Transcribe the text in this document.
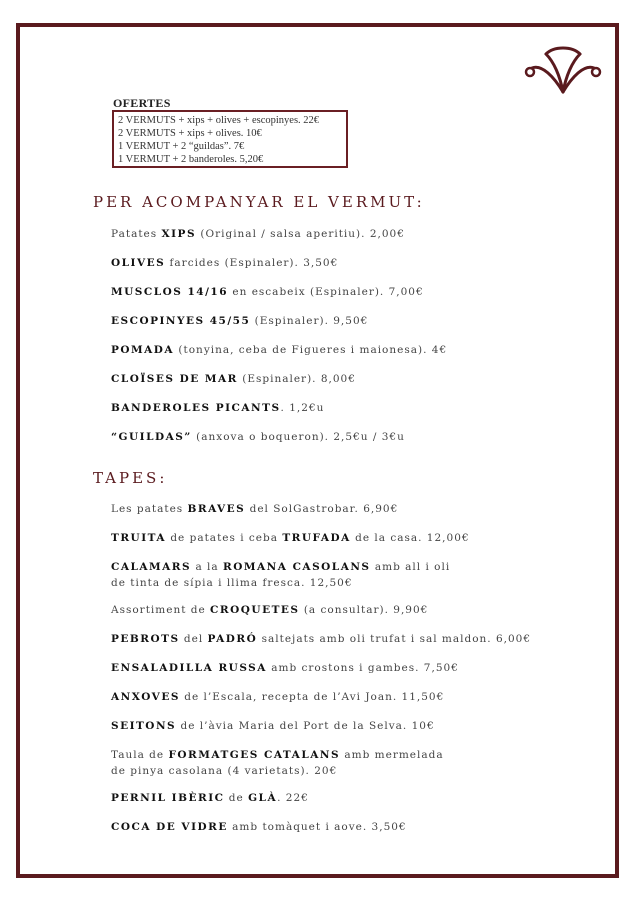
OFERTES
2 VERMUTS + xips + olives + escopinyes. 22€
2 VERMUTS + xips + olives. 10€
1 VERMUT + 2 “guildas”. 7€
1 VERMUT + 2 banderoles. 5,20€
PER ACOMPANYAR EL VERMUT:
Patates XIPS (Original / salsa aperitiu). 2,00€
OLIVES farcides (Espinaler). 3,50€
MUSCLOS 14/16 en escabeix (Espinaler). 7,00€
ESCOPINYES 45/55 (Espinaler). 9,50€
POMADA (tonyina, ceba de Figueres i maionesa). 4€
CLOÏSES DE MAR (Espinaler). 8,00€
BANDEROLES PICANTS. 1,2€u
“GUILDAS” (anxova o boqueron). 2,5€u / 3€u
TAPES:
Les patates BRAVES del SolGastrobar. 6,90€
TRUITA de patates i ceba TRUFADA de la casa. 12,00€
CALAMARS a la ROMANA CASOLANS amb all i oli
de tinta de sípia i llima fresca. 12,50€
Assortiment de CROQUETES (a consultar). 9,90€
PEBROTS del PADRÓ saltejats amb oli trufat i sal maldon. 6,00€
ENSALADILLA RUSSA amb crostons i gambes. 7,50€
ANXOVES de l’Escala, recepta de l’Avi Joan. 11,50€
SEITONS de l’àvia Maria del Port de la Selva. 10€
Taula de FORMATGES CATALANS amb mermelada
de pinya casolana (4 varietats). 20€
PERNIL IBÈRIC de GLÀ. 22€
COCA DE VIDRE amb tomàquet i aove. 3,50€
